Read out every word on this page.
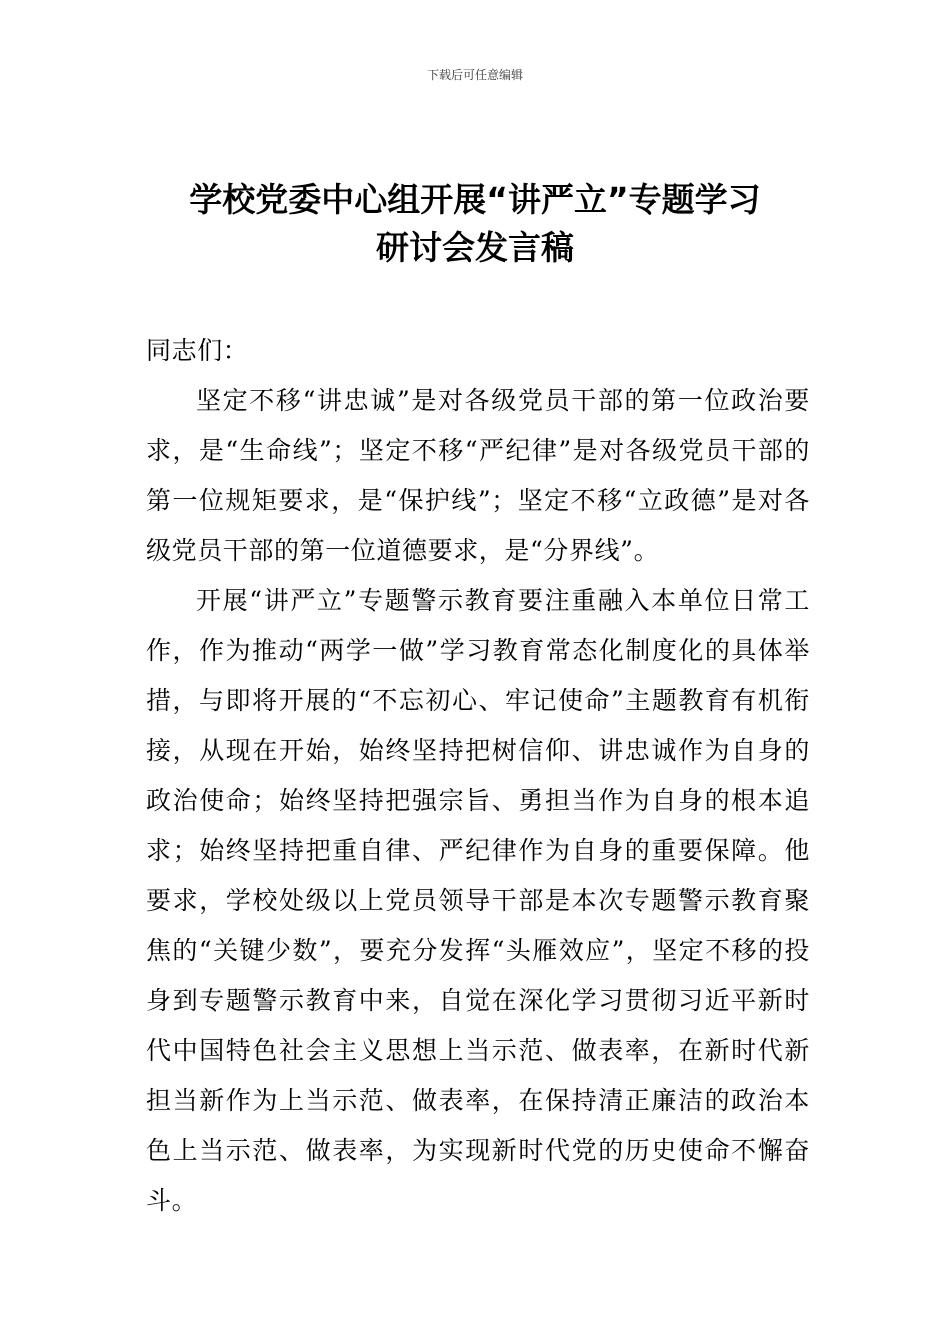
下载后可任意编辑
学校党委中心组开展“讲严立”专题学习
研讨会发言稿

同志们：

坚定不移“讲忠诚”是对各级党员干部的第一位政治要求，是“生命线”；坚定不移“严纪律”是对各级党员干部的第一位规矩要求，是“保护线”；坚定不移“立政德”是对各级党员干部的第一位道德要求，是“分界线”。

开展“讲严立”专题警示教育要注重融入本单位日常工作，作为推动“两学一做”学习教育常态化制度化的具体举措，与即将开展的“不忘初心、牢记使命”主题教育有机衔接，从现在开始，始终坚持把树信仰、讲忠诚作为自身的政治使命；始终坚持把强宗旨、勇担当作为自身的根本追求；始终坚持把重自律、严纪律作为自身的重要保障。他要求，学校处级以上党员领导干部是本次专题警示教育聚焦的“关键少数”，要充分发挥“头雁效应”，坚定不移的投身到专题警示教育中来，自觉在深化学习贯彻习近平新时代中国特色社会主义思想上当示范、做表率，在新时代新担当新作为上当示范、做表率，在保持清正廉洁的政治本色上当示范、做表率，为实现新时代党的历史使命不懈奋斗。
